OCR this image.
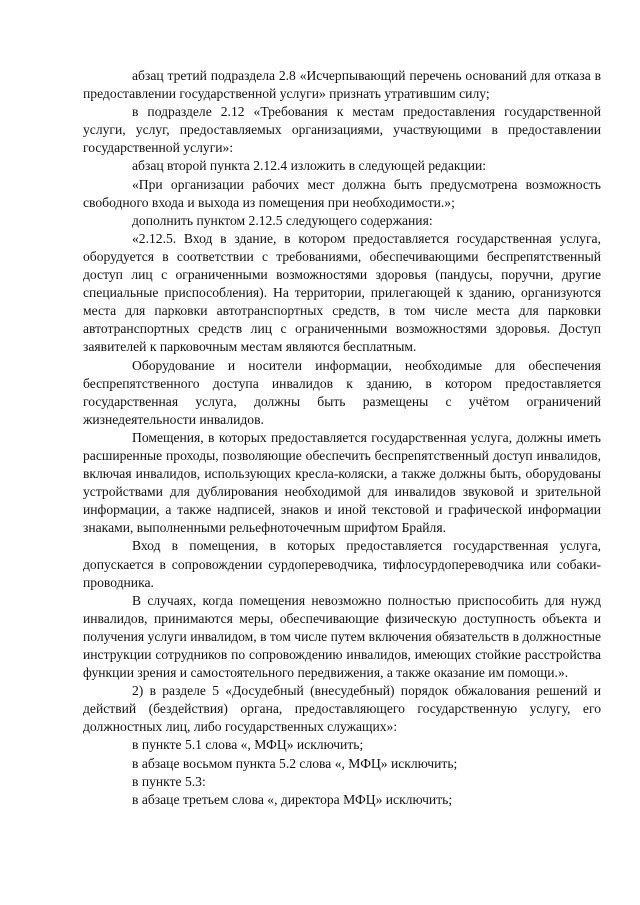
абзац третий подраздела 2.8 «Исчерпывающий перечень оснований для отказа в предоставлении государственной услуги» признать утратившим силу;

в подразделе 2.12 «Требования к местам предоставления государственной услуги, услуг, предоставляемых организациями, участвующими в предоставлении государственной услуги»:

абзац второй пункта 2.12.4 изложить в следующей редакции:

«При организации рабочих мест должна быть предусмотрена возможность свободного входа и выхода из помещения при необходимости.»;

дополнить пунктом 2.12.5 следующего содержания:

«2.12.5. Вход в здание, в котором предоставляется государственная услуга, оборудуется в соответствии с требованиями, обеспечивающими беспрепятственный доступ лиц с ограниченными возможностями здоровья (пандусы, поручни, другие специальные приспособления). На территории, прилегающей к зданию, организуются места для парковки автотранспортных средств, в том числе места для парковки автотранспортных средств лиц с ограниченными возможностями здоровья. Доступ заявителей к парковочным местам являются бесплатным.

Оборудование и носители информации, необходимые для обеспечения беспрепятственного доступа инвалидов к зданию, в котором предоставляется государственная услуга, должны быть размещены с учётом ограничений жизнедеятельности инвалидов.

Помещения, в которых предоставляется государственная услуга, должны иметь расширенные проходы, позволяющие обеспечить беспрепятственный доступ инвалидов, включая инвалидов, использующих кресла-коляски, а также должны быть, оборудованы устройствами для дублирования необходимой для инвалидов звуковой и зрительной информации, а также надписей, знаков и иной текстовой и графической информации знаками, выполненными рельефноточечным шрифтом Брайля.

Вход в помещения, в которых предоставляется государственная услуга, допускается в сопровождении сурдопереводчика, тифлосурдопереводчика или собаки-проводника.

В случаях, когда помещения невозможно полностью приспособить для нужд инвалидов, принимаются меры, обеспечивающие физическую доступность объекта и получения услуги инвалидом, в том числе путем включения обязательств в должностные инструкции сотрудников по сопровождению инвалидов, имеющих стойкие расстройства функции зрения и самостоятельного передвижения, а также оказание им помощи.».

2) в разделе 5 «Досудебный (внесудебный) порядок обжалования решений и действий (бездействия) органа, предоставляющего государственную услугу, его должностных лиц, либо государственных служащих»:

в пункте 5.1 слова «, МФЦ» исключить;

в абзаце восьмом пункта 5.2 слова «, МФЦ» исключить;

в пункте 5.3:

в абзаце третьем слова «, директора МФЦ» исключить;
